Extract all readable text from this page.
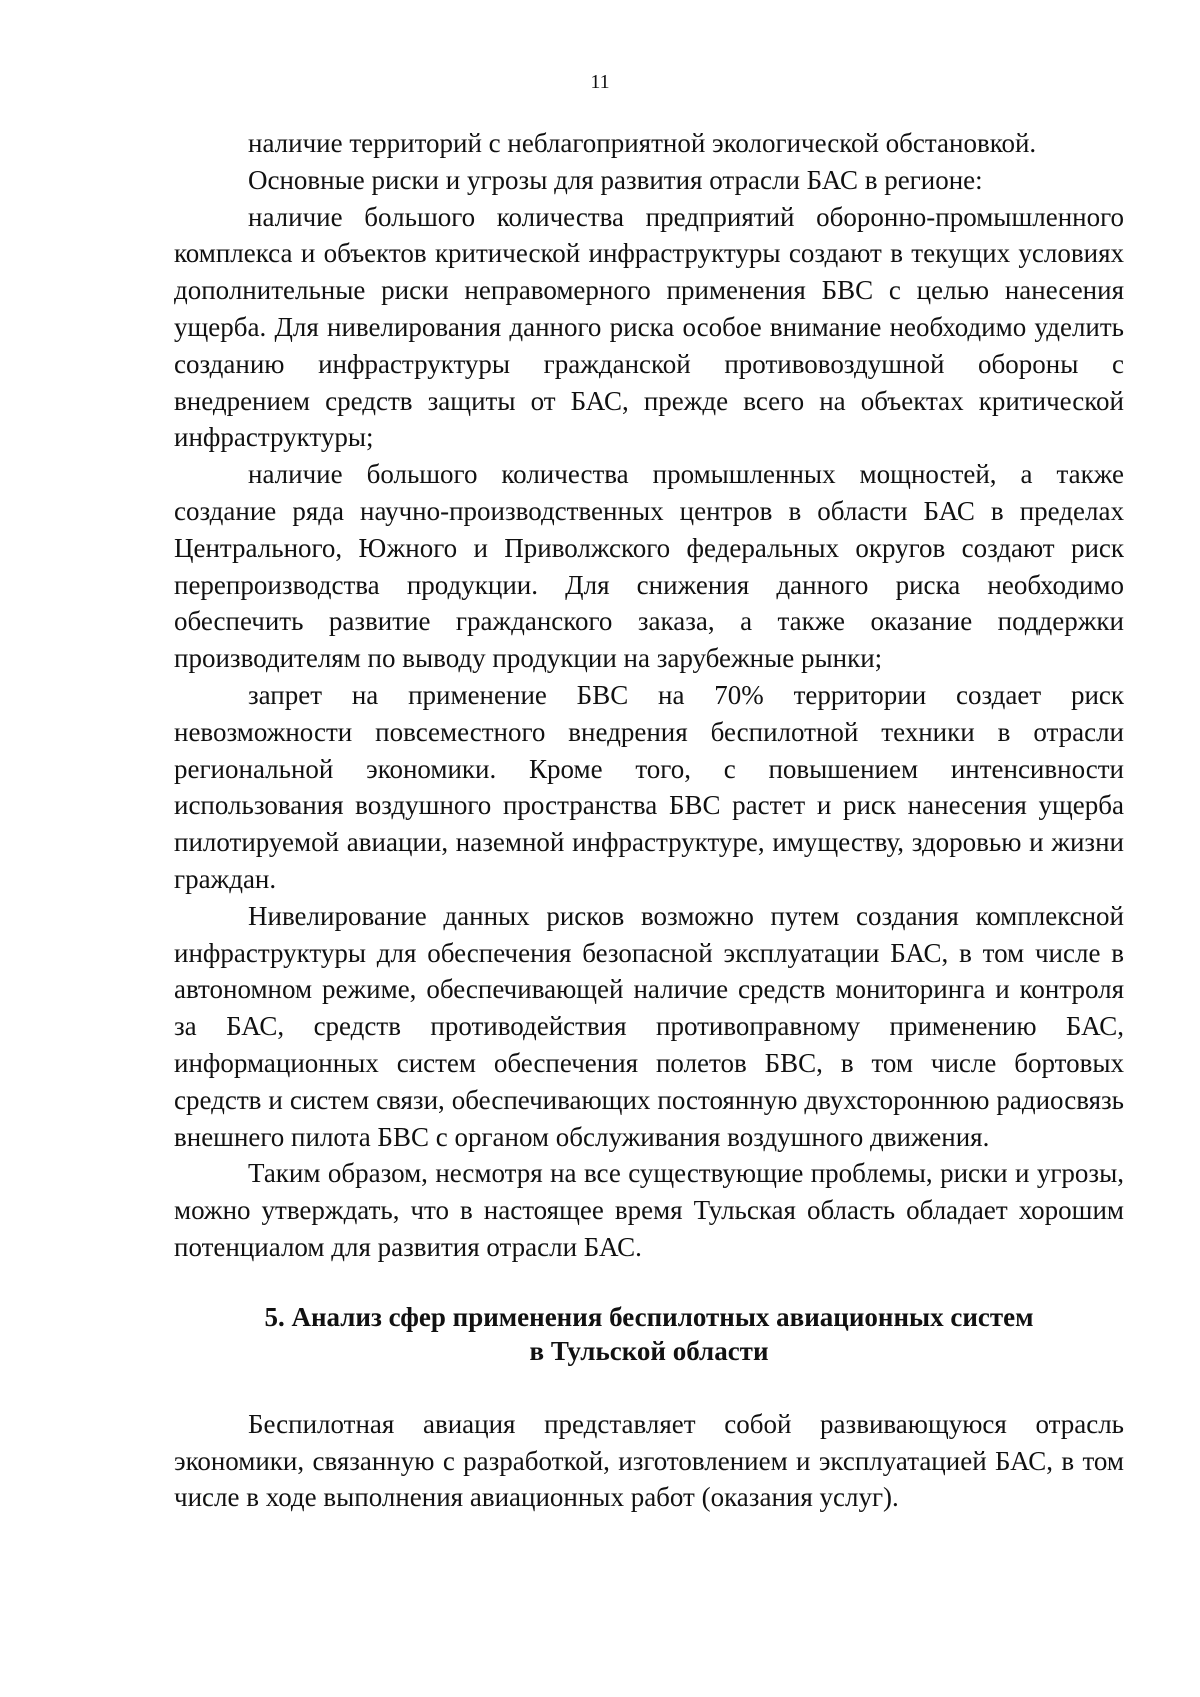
11

наличие территорий с неблагоприятной экологической обстановкой.

Основные риски и угрозы для развития отрасли БАС в регионе:

наличие большого количества предприятий оборонно-промышленного комплекса и объектов критической инфраструктуры создают в текущих условиях дополнительные риски неправомерного применения БВС с целью нанесения ущерба. Для нивелирования данного риска особое внимание необходимо уделить созданию инфраструктуры гражданской противовоздушной обороны с внедрением средств защиты от БАС, прежде всего на объектах критической инфраструктуры;

наличие большого количества промышленных мощностей, а также создание ряда научно-производственных центров в области БАС в пределах Центрального, Южного и Приволжского федеральных округов создают риск перепроизводства продукции. Для снижения данного риска необходимо обеспечить развитие гражданского заказа, а также оказание поддержки производителям по выводу продукции на зарубежные рынки;

запрет на применение БВС на 70% территории создает риск невозможности повсеместного внедрения беспилотной техники в отрасли региональной экономики. Кроме того, с повышением интенсивности использования воздушного пространства БВС растет и риск нанесения ущерба пилотируемой авиации, наземной инфраструктуре, имуществу, здоровью и жизни граждан.

Нивелирование данных рисков возможно путем создания комплексной инфраструктуры для обеспечения безопасной эксплуатации БАС, в том числе в автономном режиме, обеспечивающей наличие средств мониторинга и контроля за БАС, средств противодействия противоправному применению БАС, информационных систем обеспечения полетов БВС, в том числе бортовых средств и систем связи, обеспечивающих постоянную двухстороннюю радиосвязь внешнего пилота БВС с органом обслуживания воздушного движения.

Таким образом, несмотря на все существующие проблемы, риски и угрозы, можно утверждать, что в настоящее время Тульская область обладает хорошим потенциалом для развития отрасли БАС.

5. Анализ сфер применения беспилотных авиационных систем
в Тульской области

Беспилотная авиация представляет собой развивающуюся отрасль экономики, связанную с разработкой, изготовлением и эксплуатацией БАС, в том числе в ходе выполнения авиационных работ (оказания услуг).
